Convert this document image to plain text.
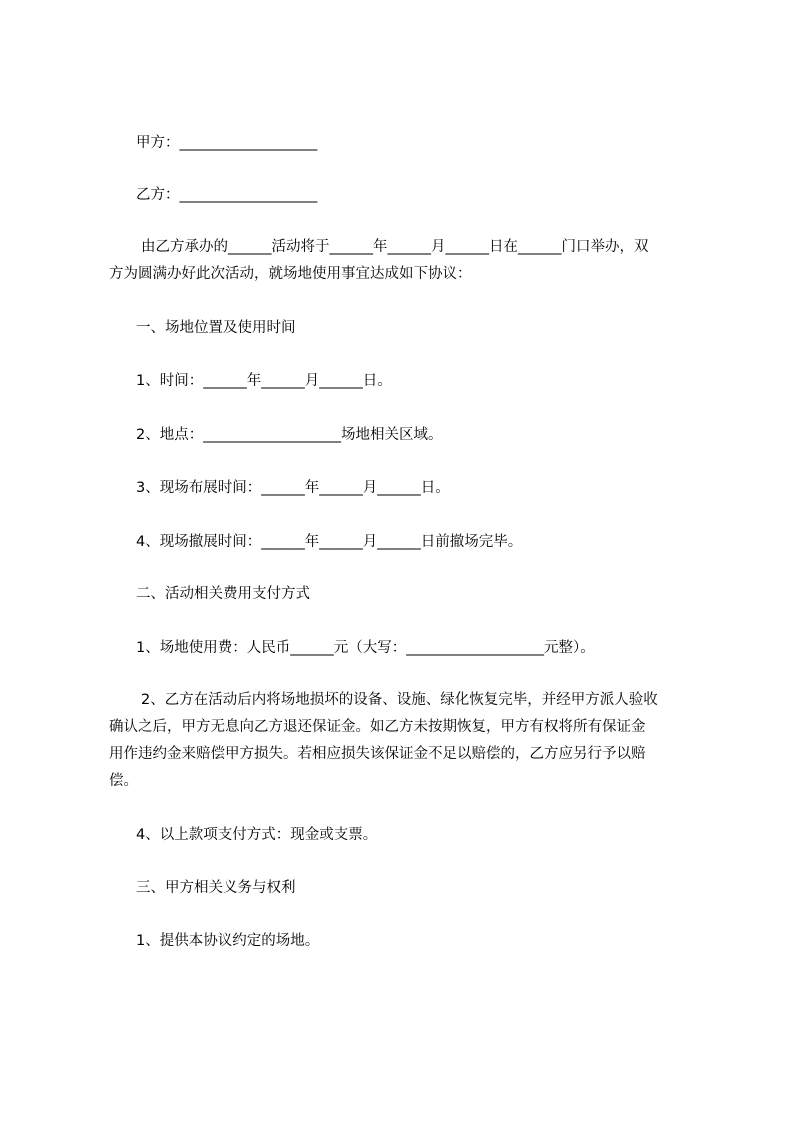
甲方：___________________
乙方：___________________
由乙方承办的______活动将于______年______月______日在______门口举办，双
方为圆满办好此次活动，就场地使用事宜达成如下协议：
一、场地位置及使用时间
1、时间：______年______月______日。
2、地点：___________________场地相关区域。
3、现场布展时间：______年______月______日。
4、现场撤展时间：______年______月______日前撤场完毕。
二、活动相关费用支付方式
1、场地使用费：人民币______元（大写：___________________元整）。
2、乙方在活动后内将场地损坏的设备、设施、绿化恢复完毕，并经甲方派人验收
确认之后，甲方无息向乙方退还保证金。如乙方未按期恢复，甲方有权将所有保证金
用作违约金来赔偿甲方损失。若相应损失该保证金不足以赔偿的，乙方应另行予以赔
偿。
4、以上款项支付方式：现金或支票。
三、甲方相关义务与权利
1、提供本协议约定的场地。
